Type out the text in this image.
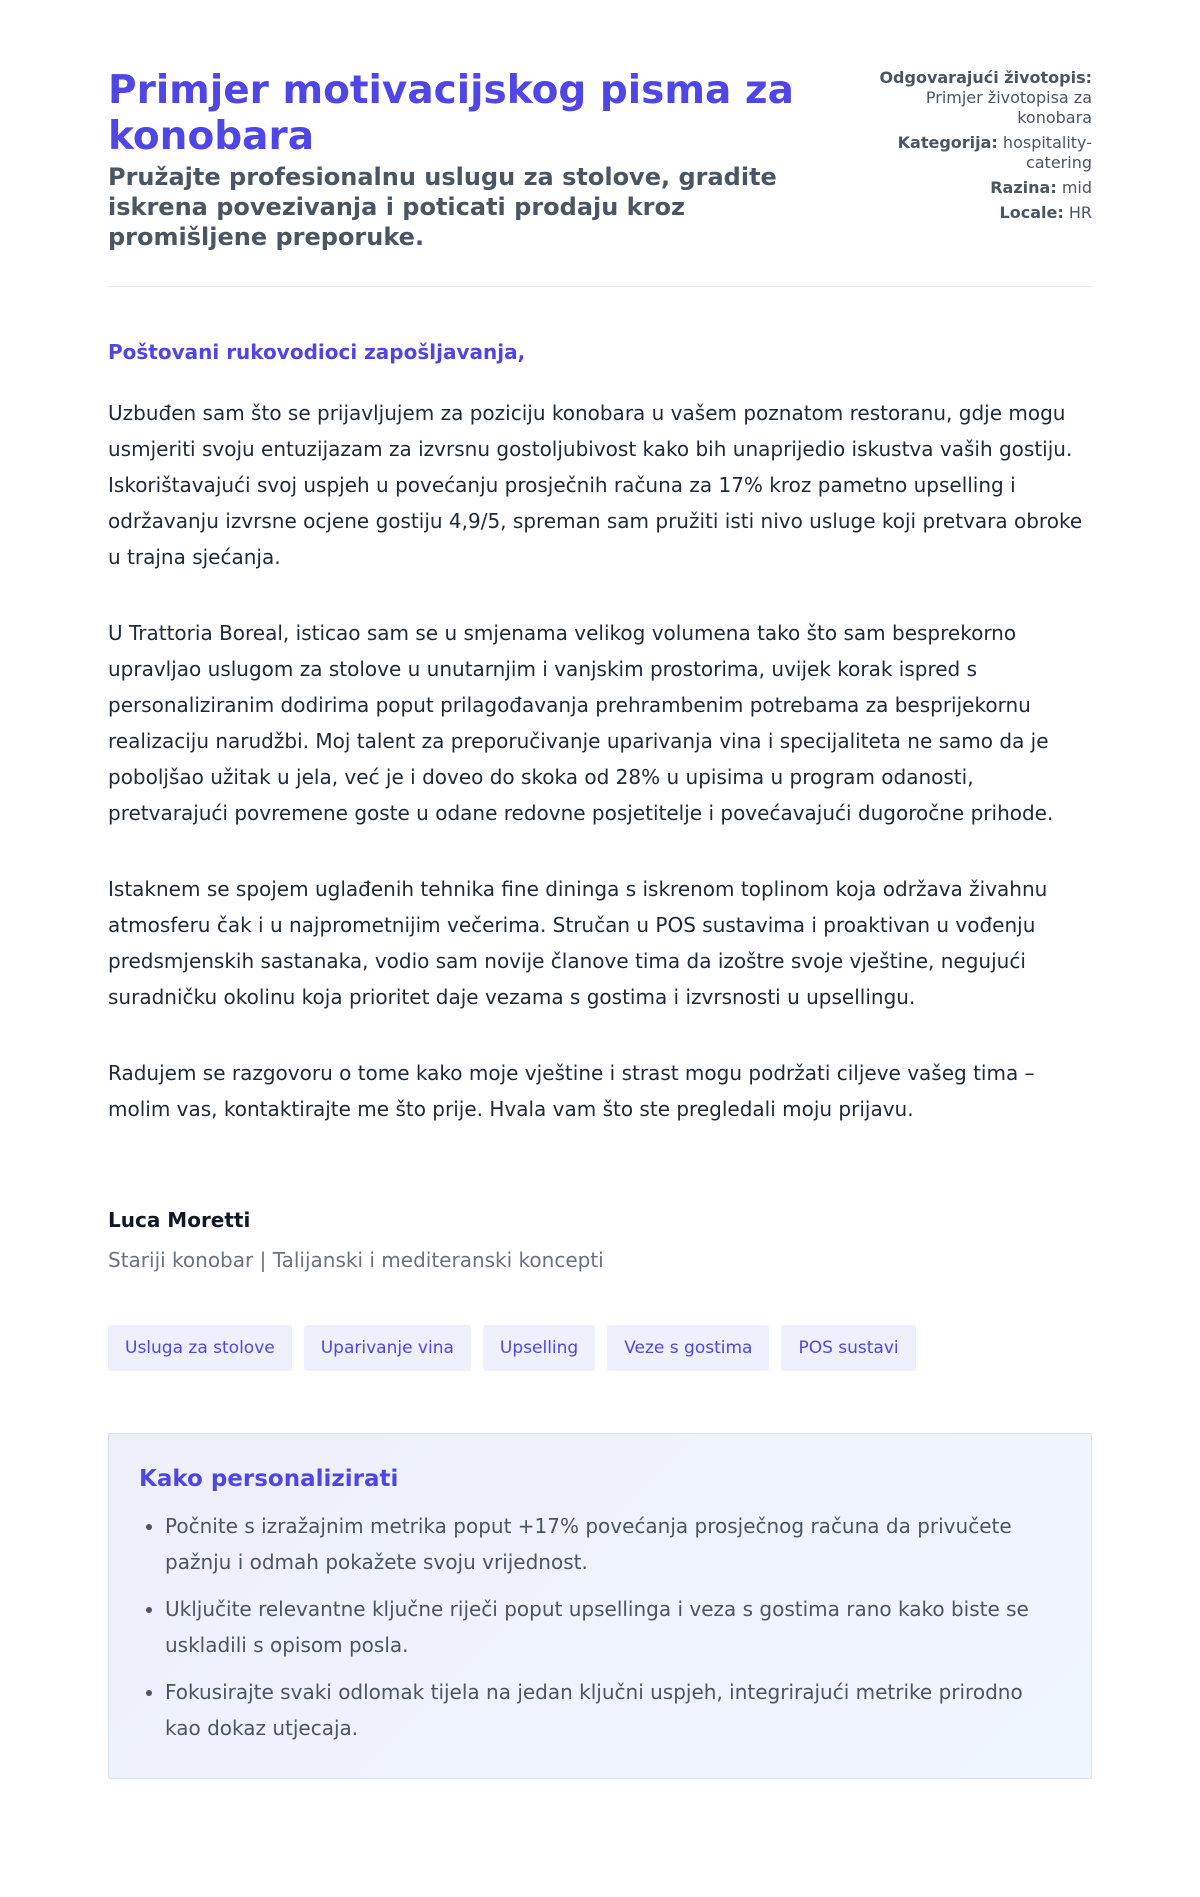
Primjer motivacijskog pisma za konobara
Pružajte profesionalnu uslugu za stolove, gradite iskrena povezivanja i poticati prodaju kroz promišljene preporuke.
Odgovarajući životopis: Primjer životopisa za konobara
Kategorija: hospitality-catering
Razina: mid
Locale: HR

Poštovani rukovodioci zapošljavanja,

Uzbuđen sam što se prijavljujem za poziciju konobara u vašem poznatom restoranu, gdje mogu usmjeriti svoju entuzijazam za izvrsnu gostoljubivost kako bih unaprijedio iskustva vaših gostiju. Iskorištavajući svoj uspjeh u povećanju prosječnih računa za 17% kroz pametno upselling i održavanju izvrsne ocjene gostiju 4,9/5, spreman sam pružiti isti nivo usluge koji pretvara obroke u trajna sjećanja.

U Trattoria Boreal, isticao sam se u smjenama velikog volumena tako što sam besprekorno upravljao uslugom za stolove u unutarnjim i vanjskim prostorima, uvijek korak ispred s personaliziranim dodirima poput prilagođavanja prehrambenim potrebama za besprijekornu realizaciju narudžbi. Moj talent za preporučivanje uparivanja vina i specijaliteta ne samo da je poboljšao užitak u jela, već je i doveo do skoka od 28% u upisima u program odanosti, pretvarajući povremene goste u odane redovne posjetitelje i povećavajući dugoročne prihode.

Istaknem se spojem uglađenih tehnika fine dininga s iskrenom toplinom koja održava živahnu atmosferu čak i u najprometnijim večerima. Stručan u POS sustavima i proaktivan u vođenju predsmjenskih sastanaka, vodio sam novije članove tima da izoštre svoje vještine, negujući suradničku okolinu koja prioritet daje vezama s gostima i izvrsnosti u upsellingu.

Radujem se razgovoru o tome kako moje vještine i strast mogu podržati ciljeve vašeg tima – molim vas, kontaktirajte me što prije. Hvala vam što ste pregledali moju prijavu.

Luca Moretti
Stariji konobar | Talijanski i mediteranski koncepti
Usluga za stolove	Uparivanje vina	Upselling	Veze s gostima	POS sustavi
Kako personalizirati
• Počnite s izražajnim metrika poput +17% povećanja prosječnog računa da privučete pažnju i odmah pokažete svoju vrijednost.
• Uključite relevantne ključne riječi poput upsellinga i veza s gostima rano kako biste se uskladili s opisom posla.
• Fokusirajte svaki odlomak tijela na jedan ključni uspjeh, integrirajući metrike prirodno kao dokaz utjecaja.
